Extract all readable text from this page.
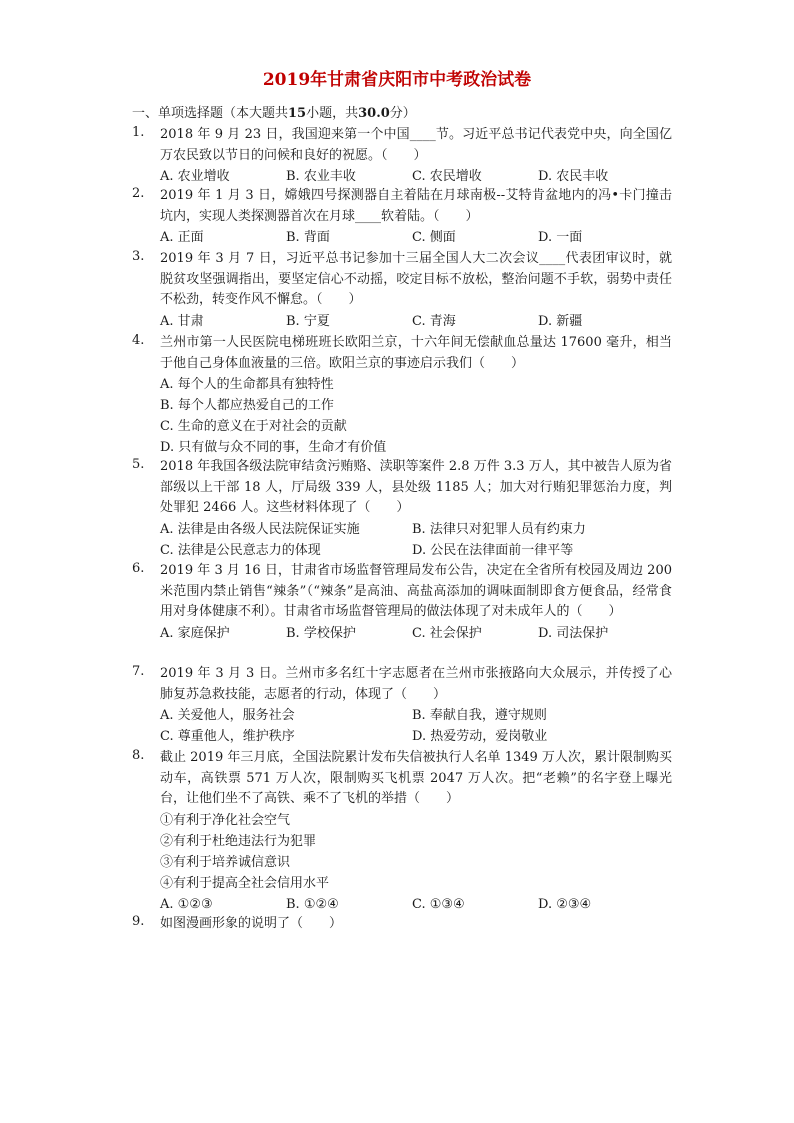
2019年甘肃省庆阳市中考政治试卷
一、单项选择题（本大题共15小题，共30.0分）
1.	2018 年 9 月 23 日，我国迎来第一个中国____节。习近平总书记代表党中央，向全国亿万农民致以节日的问候和良好的祝愿。（　　）
A. 农业增收	B. 农业丰收	C. 农民增收	D. 农民丰收
2.	2019 年 1 月 3 日，嫦娥四号探测器自主着陆在月球南极--艾特肯盆地内的冯•卡门撞击坑内，实现人类探测器首次在月球____软着陆。（　　）
A. 正面	B. 背面	C. 侧面	D. 一面
3.	2019 年 3 月 7 日，习近平总书记参加十三届全国人大二次会议____代表团审议时，就脱贫攻坚强调指出，要坚定信心不动摇，咬定目标不放松，整治问题不手软，弱势中责任不松劲，转变作风不懈怠。（　　）
A. 甘肃	B. 宁夏	C. 青海	D. 新疆
4.	兰州市第一人民医院电梯班班长欧阳兰京，十六年间无偿献血总量达 17600 毫升，相当于他自己身体血液量的三倍。欧阳兰京的事迹启示我们（　　）
A. 每个人的生命都具有独特性
B. 每个人都应热爱自己的工作
C. 生命的意义在于对社会的贡献
D. 只有做与众不同的事，生命才有价值
5.	2018 年我国各级法院审结贪污贿赂、渎职等案件 2.8 万件 3.3 万人，其中被告人原为省部级以上干部 18 人，厅局级 339 人，县处级 1185 人；加大对行贿犯罪惩治力度，判处罪犯 2466 人。这些材料体现了（　　）
A. 法律是由各级人民法院保证实施	B. 法律只对犯罪人员有约束力
C. 法律是公民意志力的体现	D. 公民在法律面前一律平等
6.	2019 年 3 月 16 日，甘肃省市场监督管理局发布公告，决定在全省所有校园及周边 200 米范围内禁止销售“辣条”（“辣条”是高油、高盐高添加的调味面制即食方便食品，经常食用对身体健康不利）。甘肃省市场监督管理局的做法体现了对未成年人的（　　）
A. 家庭保护	B. 学校保护	C. 社会保护	D. 司法保护
7.	2019 年 3 月 3 日。兰州市多名红十字志愿者在兰州市张掖路向大众展示，并传授了心肺复苏急救技能，志愿者的行动，体现了（　　）
A. 关爱他人，服务社会	B. 奉献自我，遵守规则
C. 尊重他人，维护秩序	D. 热爱劳动，爱岗敬业
8.	截止 2019 年三月底，全国法院累计发布失信被执行人名单 1349 万人次，累计限制购买动车，高铁票 571 万人次，限制购买飞机票 2047 万人次。把“老赖”的名字登上曝光台，让他们坐不了高铁、乘不了飞机的举措（　　）
①有利于净化社会空气
②有利于杜绝违法行为犯罪
③有利于培养诚信意识
④有利于提高全社会信用水平
A. ①②③	B. ①②④	C. ①③④	D. ②③④
9.	如图漫画形象的说明了（　　）
